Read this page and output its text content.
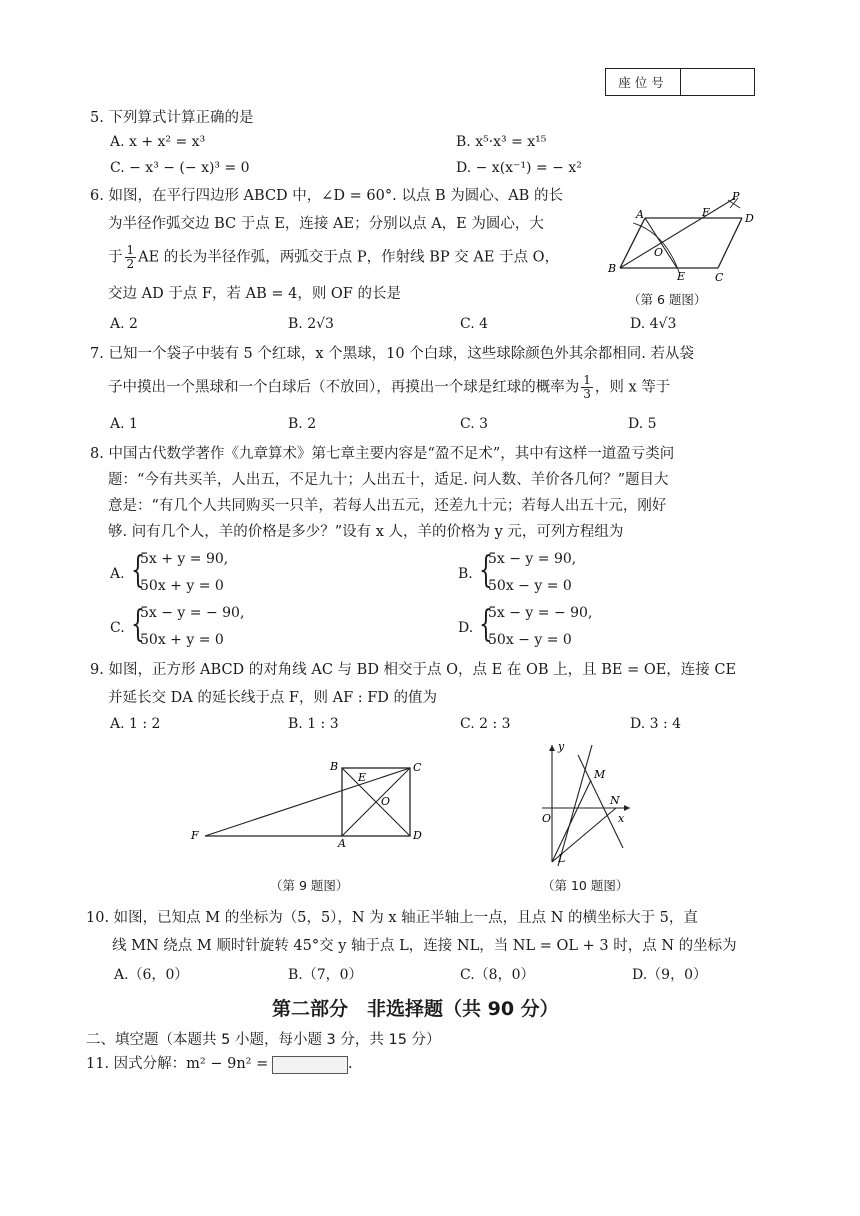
座位号
5. 下列算式计算正确的是
A. x + x² = x³	B. x⁵·x³ = x¹⁵
C. − x³ − (− x)³ = 0	D. − x(x⁻¹) = − x²
6. 如图，在平行四边形 ABCD 中，∠D = 60°. 以点 B 为圆心、AB 的长
为半径作弧交边 BC 于点 E，连接 AE；分别以点 A，E 为圆心，大
于 $\frac{1}{2}$ AE 的长为半径作弧，两弧交于点 P，作射线 BP 交 AE 于点 O，
交边 AD 于点 F，若 AB = 4，则 OF 的长是
A
B
C
D
E
F
O
P
（第 6 题图）
A. 2	B. 2√3	C. 4	D. 4√3
7. 已知一个袋子中装有 5 个红球，x 个黑球，10 个白球，这些球除颜色外其余都相同. 若从袋
子中摸出一个黑球和一个白球后（不放回），再摸出一个球是红球的概率为 $\frac{1}{3}$ ，则 x 等于
A. 1	B. 2	C. 3	D. 5
8. 中国古代数学著作《九章算术》第七章主要内容是“盈不足术”，其中有这样一道盈亏类问
题：“今有共买羊，人出五，不足九十；人出五十，适足. 问人数、羊价各几何？”题目大
意是：“有几个人共同购买一只羊，若每人出五元，还差九十元；若每人出五十元，刚好
够. 问有几个人，羊的价格是多少？”设有 x 人，羊的价格为 y 元，可列方程组为
A. {
5x + y = 90,
50x + y = 0
B. {
5x − y = 90,
50x − y = 0
C. {
5x − y = − 90,
50x + y = 0
D. {
5x − y = − 90,
50x − y = 0
9. 如图，正方形 ABCD 的对角线 AC 与 BD 相交于点 O，点 E 在 OB 上，且 BE = OE，连接 CE
并延长交 DA 的延长线于点 F，则 AF : FD 的值为
A. 1 : 2	B. 1 : 3	C. 2 : 3	D. 3 : 4
B	C
D
A
E
O
F
（第 9 题图）
y
x
O
M
N
L
（第 10 题图）
10. 如图，已知点 M 的坐标为（5，5），N 为 x 轴正半轴上一点，且点 N 的横坐标大于 5，直
线 MN 绕点 M 顺时针旋转 45°交 y 轴于点 L，连接 NL，当 NL = OL + 3 时，点 N 的坐标为
A.（6，0）	B.（7，0）	C.（8，0）	D.（9，0）
第二部分　非选择题（共 90 分）
二、填空题（本题共 5 小题，每小题 3 分，共 15 分）
11. 因式分解：m² − 9n² =	.
